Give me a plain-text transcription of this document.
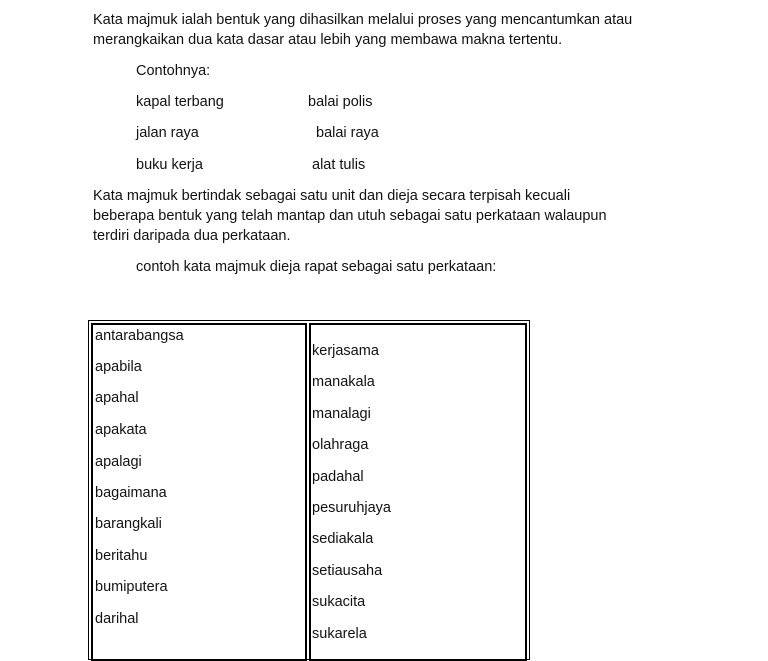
Kata majmuk ialah bentuk yang dihasilkan melalui proses yang mencantumkan atau
merangkaikan dua kata dasar atau lebih yang membawa makna tertentu.
Contohnya:
kapal terbang	balai polis
jalan raya	balai raya
buku kerja	alat tulis
Kata majmuk bertindak sebagai satu unit dan dieja secara terpisah kecuali
beberapa bentuk yang telah mantap dan utuh sebagai satu perkataan walaupun
terdiri daripada dua perkataan.
contoh kata majmuk dieja rapat sebagai satu perkataan:
antarabangsa
apabila
apahal
apakata
apalagi
bagaimana
barangkali
beritahu
bumiputera
darihal
kerjasama
manakala
manalagi
olahraga
padahal
pesuruhjaya
sediakala
setiausaha
sukacita
sukarela
